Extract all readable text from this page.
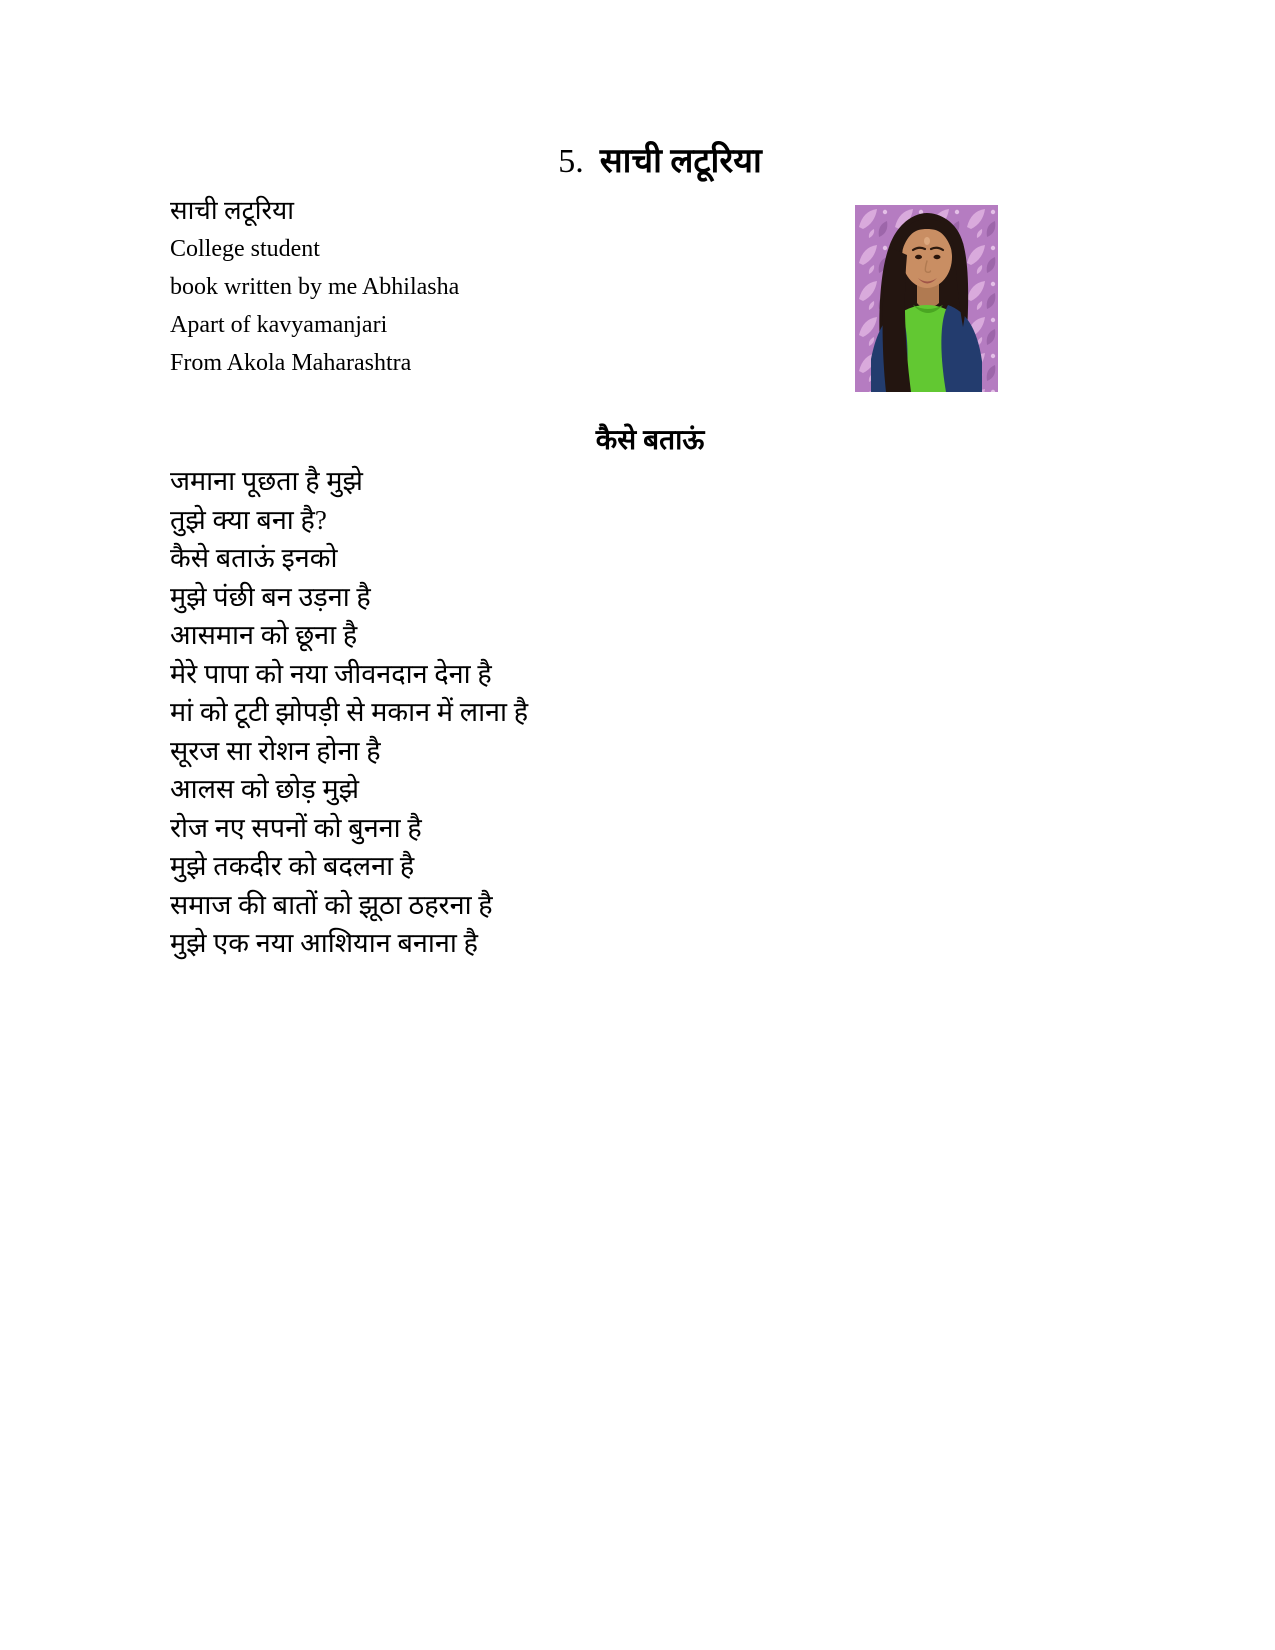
5. साची लटूरिया
साची लटूरिया
College student
book written by me Abhilasha
Apart of kavyamanjari
From Akola Maharashtra
कैसे बताऊं
जमाना पूछता है मुझे
तुझे क्या बना है?
कैसे बताऊं इनको
मुझे पंछी बन उड़ना है
आसमान को छूना है
मेरे पापा को नया जीवनदान देना है
मां को टूटी झोपड़ी से मकान में लाना है
सूरज सा रोशन होना है
आलस को छोड़ मुझे
रोज नए सपनों को बुनना है
मुझे तकदीर को बदलना है
समाज की बातों को झूठा ठहरना है
मुझे एक नया आशियान बनाना है
